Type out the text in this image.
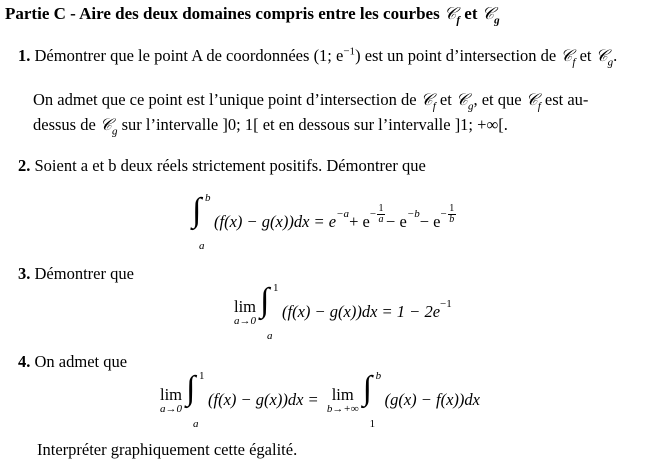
Partie C - Aire des deux domaines compris entre les courbes 𝒞$_f$ et 𝒞$_g$
1. Démontrer que le point A de coordonnées (1; $e^{-1}$) est un point d’intersection de 𝒞$_f$ et 𝒞$_g$.
On admet que ce point est l’unique point d’intersection de 𝒞$_f$ et 𝒞$_g$, et que 𝒞$_f$ est au-
dessus de 𝒞$_g$ sur l’intervalle ]0; 1[ et en dessous sur l’intervalle ]1; +∞[.
2. Soient a et b deux réels strictement positifs. Démontrer que
∫ b
a
$(f(x) - g(x))dx = e -a + e - \frac{1}{a} - e -b - e - \frac{1}{b}$
3. Démontrer que
lim
a→0
∫ 1
a
(f(x) − g(x))dx = 1 − 2e −1
4. On admet que
lim
a→0
∫ 1
a
(f(x) − g(x))dx = lim
b→+∞
∫ b
1
(g(x) − f(x))dx
Interpréter graphiquement cette égalité.
